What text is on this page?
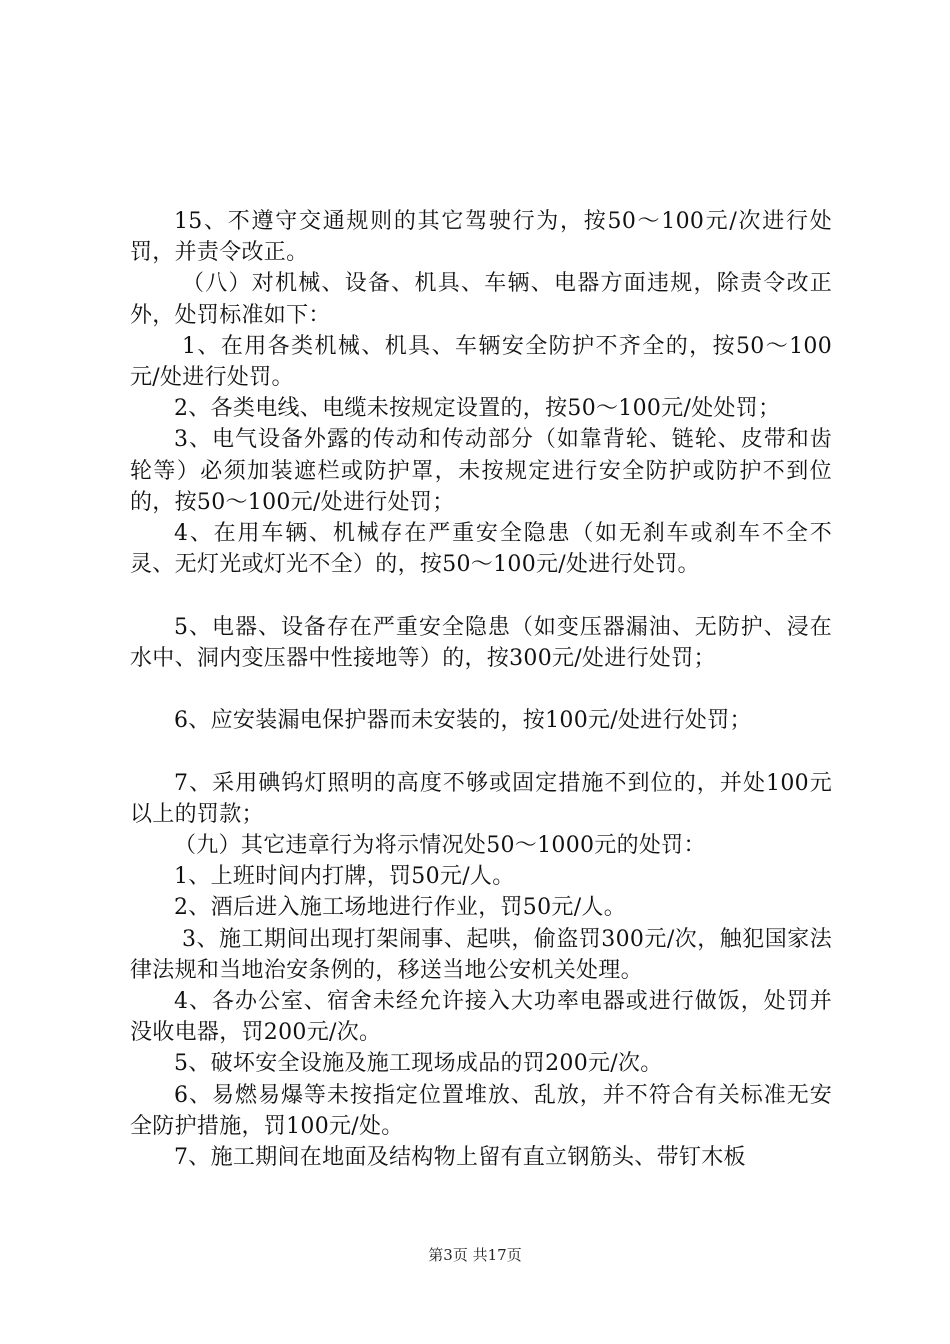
15、不遵守交通规则的其它驾驶行为，按50～100元/次进行处罚，并责令改正。

（八）对机械、设备、机具、车辆、电器方面违规，除责令改正外，处罚标准如下：

1、在用各类机械、机具、车辆安全防护不齐全的，按50～100元/处进行处罚。

2、各类电线、电缆未按规定设置的，按50～100元/处处罚；

3、电气设备外露的传动和传动部分（如靠背轮、链轮、皮带和齿轮等）必须加装遮栏或防护罩，未按规定进行安全防护或防护不到位的，按50～100元/处进行处罚；

4、在用车辆、机械存在严重安全隐患（如无刹车或刹车不全不灵、无灯光或灯光不全）的，按50～100元/处进行处罚。

5、电器、设备存在严重安全隐患（如变压器漏油、无防护、浸在水中、洞内变压器中性接地等）的，按300元/处进行处罚；

6、应安装漏电保护器而未安装的，按100元/处进行处罚；

7、采用碘钨灯照明的高度不够或固定措施不到位的，并处100元以上的罚款；

（九）其它违章行为将示情况处50～1000元的处罚：

1、上班时间内打牌，罚50元/人。

2、酒后进入施工场地进行作业，罚50元/人。

3、施工期间出现打架闹事、起哄，偷盗罚300元/次，触犯国家法律法规和当地治安条例的，移送当地公安机关处理。

4、各办公室、宿舍未经允许接入大功率电器或进行做饭，处罚并没收电器，罚200元/次。

5、破坏安全设施及施工现场成品的罚200元/次。

6、易燃易爆等未按指定位置堆放、乱放，并不符合有关标准无安全防护措施，罚100元/处。

7、施工期间在地面及结构物上留有直立钢筋头、带钉木板

第3页 共17页
